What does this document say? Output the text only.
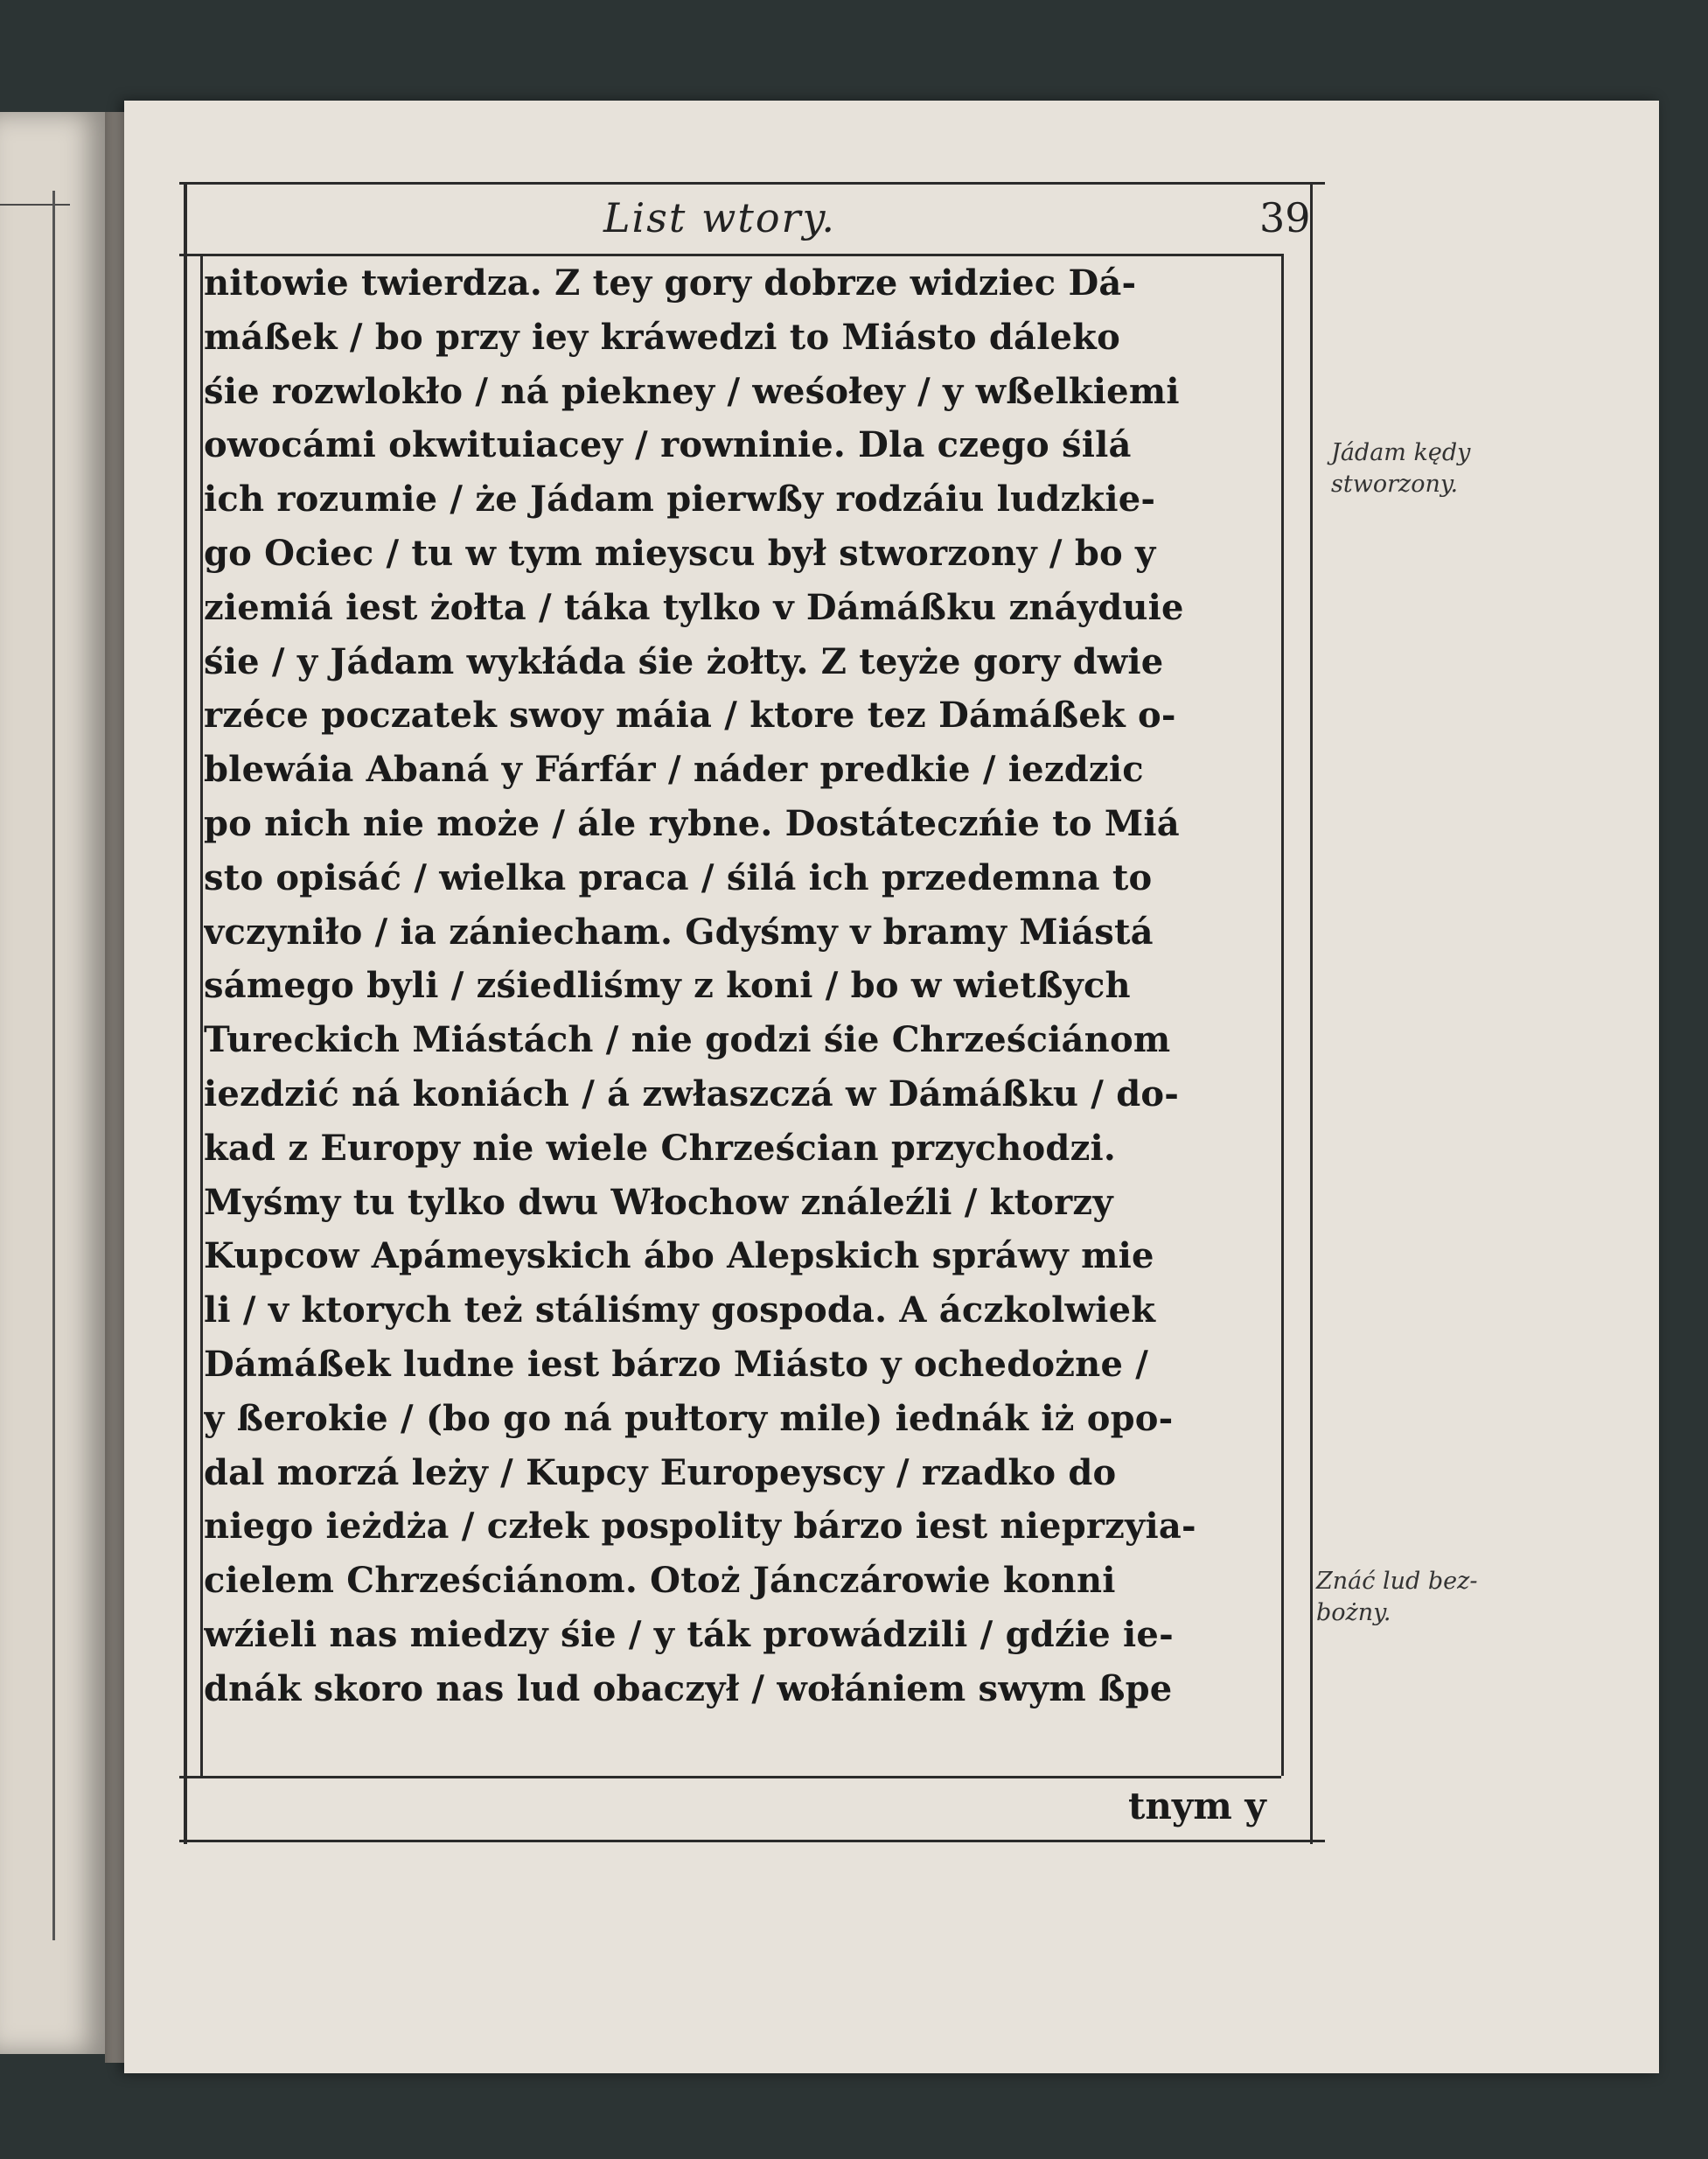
List wtory.	39
nitowie twierdza. Z tey gory dobrze widziec Dá-
máßek / bo przy iey kráwedzi to Miásto dáleko
śie rozwlokło / ná piekney / weśołey / y wßelkiemi
owocámi okwituiacey / rowninie. Dla czego śilá
ich rozumie / że Jádam pierwßy rodzáiu ludzkie-
go Ociec / tu w tym mieyscu był stworzony / bo y
ziemiá iest żołta / táka tylko v Dámáßku znáyduie
śie / y Jádam wykłáda śie żołty. Z teyże gory dwie
rzéce poczatek swoy máia / ktore tez Dámáßek o-
blewáia Abaná y Fárfár / náder predkie / iezdzic
po nich nie może / ále rybne. Dostáteczńie to Miá
sto opisáć / wielka praca / śilá ich przedemna to
vczyniło / ia zániecham. Gdyśmy v bramy Miástá
sámego byli / zśiedliśmy z koni / bo w wietßych
Tureckich Miástách / nie godzi śie Chrześciánom
iezdzić ná koniách / á zwłaszczá w Dámáßku / do-
kad z Europy nie wiele Chrześcian przychodzi.
Myśmy tu tylko dwu Włochow ználeźli / ktorzy
Kupcow Apámeyskich ábo Alepskich spráwy mie
li / v ktorych też stáliśmy gospoda. A áczkolwiek
Dámáßek ludne iest bárzo Miásto y ochedożne /
y ßerokie / (bo go ná pułtory mile) iednák iż opo-
dal morzá leży / Kupcy Europeyscy / rzadko do
niego ieżdża / człek pospolity bárzo iest nieprzyia-
cielem Chrześciánom. Otoż Jánczárowie konni
wźieli nas miedzy śie / y ták prowádzili / gdźie ie-
dnák skoro nas lud obaczył / wołániem swym ßpe
tnym y
Jádam kędy
stworzony.
Znáć lud bez-
bożny.
